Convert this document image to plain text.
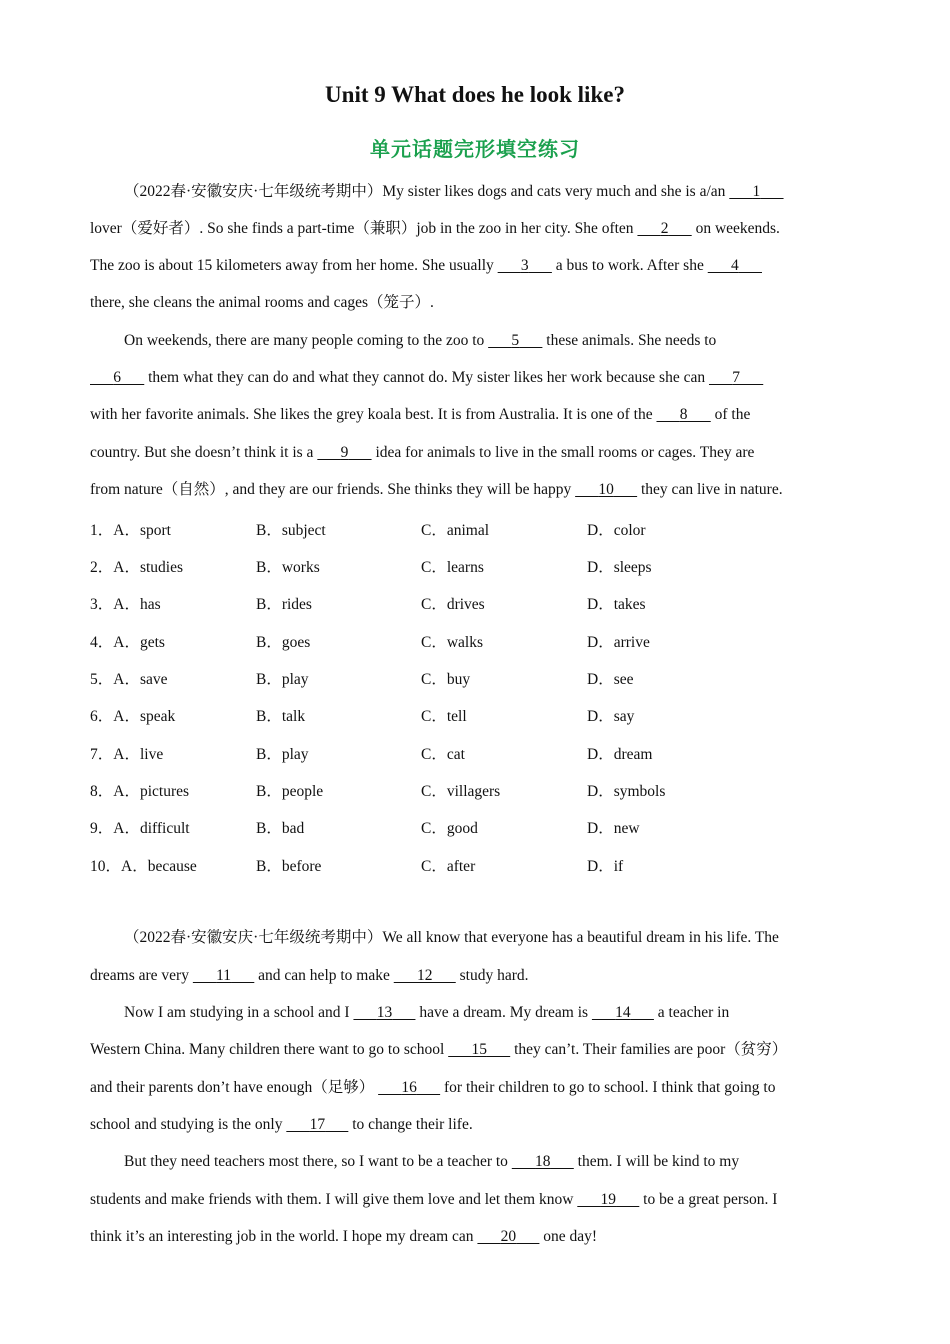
Unit 9 What does he look like?
单元话题完形填空练习
（2022春·安徽安庆·七年级统考期中）My sister likes dogs and cats very much and she is a/an 1
lover（爱好者）. So she finds a part-time（兼职）job in the zoo in her city. She often 2 on weekends.
The zoo is about 15 kilometers away from her home. She usually 3 a bus to work. After she 4
there, she cleans the animal rooms and cages（笼子）.
On weekends, there are many people coming to the zoo to 5 these animals. She needs to
6 them what they can do and what they cannot do. My sister likes her work because she can 7
with her favorite animals. She likes the grey koala best. It is from Australia. It is one of the 8 of the
country. But she doesn’t think it is a 9 idea for animals to live in the small rooms or cages. They are
from nature（自然）, and they are our friends. She thinks they will be happy 10 they can live in nature.
1．A．sport	B．subject	C．animal	D．color
2．A．studies	B．works	C．learns	D．sleeps
3．A．has	B．rides	C．drives	D．takes
4．A．gets	B．goes	C．walks	D．arrive
5．A．save	B．play	C．buy	D．see
6．A．speak	B．talk	C．tell	D．say
7．A．live	B．play	C．cat	D．dream
8．A．pictures	B．people	C．villagers	D．symbols
9．A．difficult	B．bad	C．good	D．new
10．A．because	B．before	C．after	D．if
（2022春·安徽安庆·七年级统考期中）We all know that everyone has a beautiful dream in his life. The
dreams are very 11 and can help to make 12 study hard.
Now I am studying in a school and I 13 have a dream. My dream is 14 a teacher in
Western China. Many children there want to go to school 15 they can’t. Their families are poor（贫穷）
and their parents don’t have enough（足够） 16 for their children to go to school. I think that going to
school and studying is the only 17 to change their life.
But they need teachers most there, so I want to be a teacher to 18 them. I will be kind to my
students and make friends with them. I will give them love and let them know 19 to be a great person. I
think it’s an interesting job in the world. I hope my dream can 20 one day!
